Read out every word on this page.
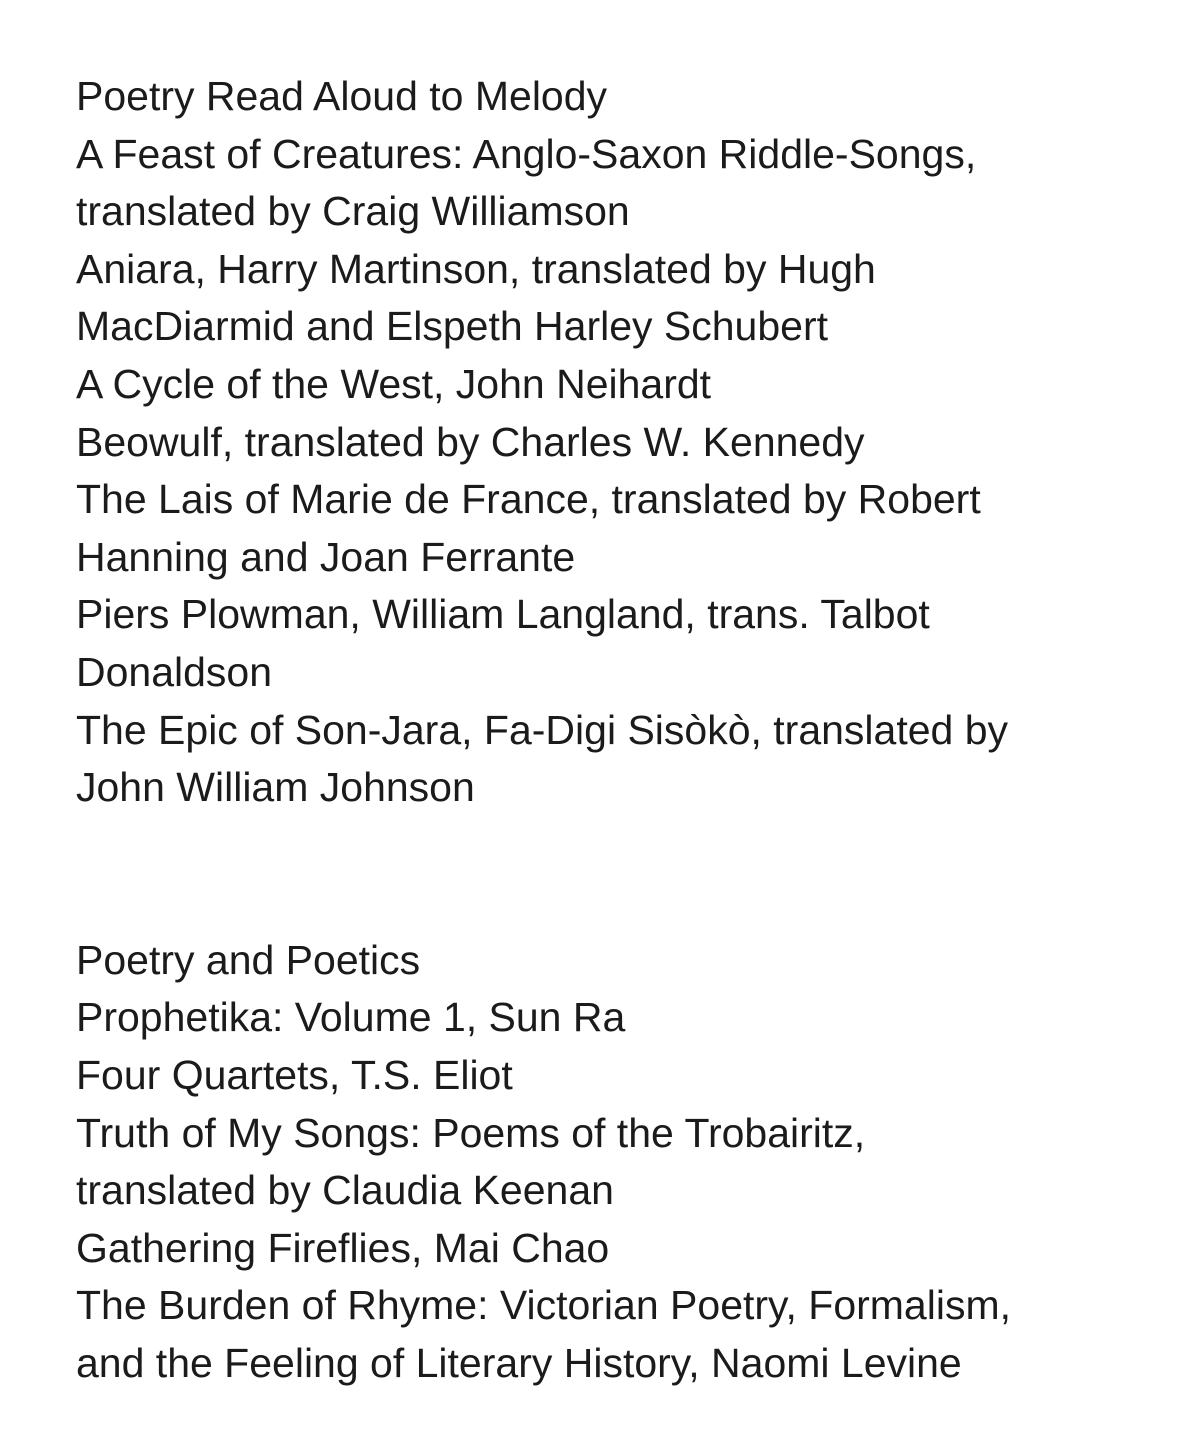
Poetry Read Aloud to Melody
A Feast of Creatures: Anglo-Saxon Riddle-Songs,
translated by Craig Williamson
Aniara, Harry Martinson, translated by Hugh
MacDiarmid and Elspeth Harley Schubert
A Cycle of the West, John Neihardt
Beowulf, translated by Charles W. Kennedy
The Lais of Marie de France, translated by Robert
Hanning and Joan Ferrante
Piers Plowman, William Langland, trans. Talbot
Donaldson
The Epic of Son-Jara, Fa-Digi Sisòkò, translated by
John William Johnson
Poetry and Poetics
Prophetika: Volume 1, Sun Ra
Four Quartets, T.S. Eliot
Truth of My Songs: Poems of the Trobairitz,
translated by Claudia Keenan
Gathering Fireflies, Mai Chao
The Burden of Rhyme: Victorian Poetry, Formalism,
and the Feeling of Literary History, Naomi Levine
